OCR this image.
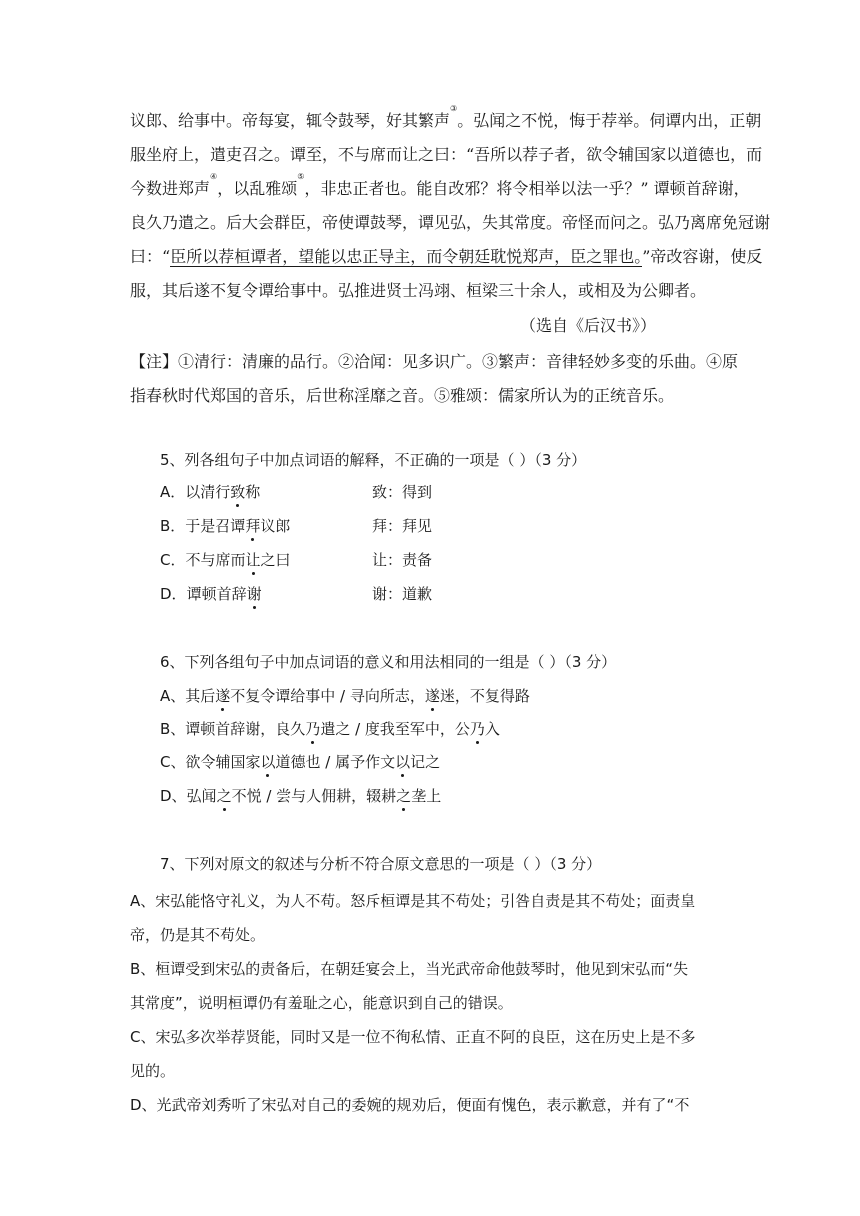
议郎、给事中。帝每宴，辄令鼓琴，好其繁声③。弘闻之不悦，悔于荐举。伺谭内出，正朝
服坐府上，遣吏召之。谭至，不与席而让之曰：“吾所以荐子者，欲令辅国家以道德也，而
今数进郑声④，以乱雅颂⑤，非忠正者也。能自改邪？将令相举以法一乎？” 谭顿首辞谢，
良久乃遣之。后大会群臣，帝使谭鼓琴，谭见弘，失其常度。帝怪而问之。弘乃离席免冠谢
曰：“臣所以荐桓谭者，望能以忠正导主，而令朝廷耽悦郑声，臣之罪也。”帝改容谢，使反
服，其后遂不复令谭给事中。弘推进贤士冯翊、桓梁三十余人，或相及为公卿者。
（选自《后汉书》）
【注】①清行：清廉的品行。②洽闻：见多识广。③繁声：音律轻妙多变的乐曲。④原
指春秋时代郑国的音乐，后世称淫靡之音。⑤雅颂：儒家所认为的正统音乐。
5、列各组句子中加点词语的解释，不正确的一项是（ ）（3 分）
A．以清行致称	致：得到
B．于是召谭拜议郎	拜：拜见
C．不与席而让之曰	让：责备
D．谭顿首辞谢	谢：道歉
6、下列各组句子中加点词语的意义和用法相同的一组是（ ）（3 分）
A、其后遂不复令谭给事中 / 寻向所志，遂迷，不复得路
B、谭顿首辞谢，良久乃遣之 / 度我至军中，公乃入
C、欲令辅国家以道德也 / 属予作文以记之
D、弘闻之不悦 / 尝与人佣耕，辍耕之垄上
7、下列对原文的叙述与分析不符合原文意思的一项是（ ）（3 分）
A、宋弘能恪守礼义，为人不苟。怒斥桓谭是其不苟处；引咎自责是其不苟处；面责皇
帝，仍是其不苟处。
B、桓谭受到宋弘的责备后，在朝廷宴会上，当光武帝命他鼓琴时，他见到宋弘而“失
其常度”，说明桓谭仍有羞耻之心，能意识到自己的错误。
C、宋弘多次举荐贤能，同时又是一位不徇私情、正直不阿的良臣，这在历史上是不多
见的。
D、光武帝刘秀听了宋弘对自己的委婉的规劝后，便面有愧色，表示歉意，并有了“不
